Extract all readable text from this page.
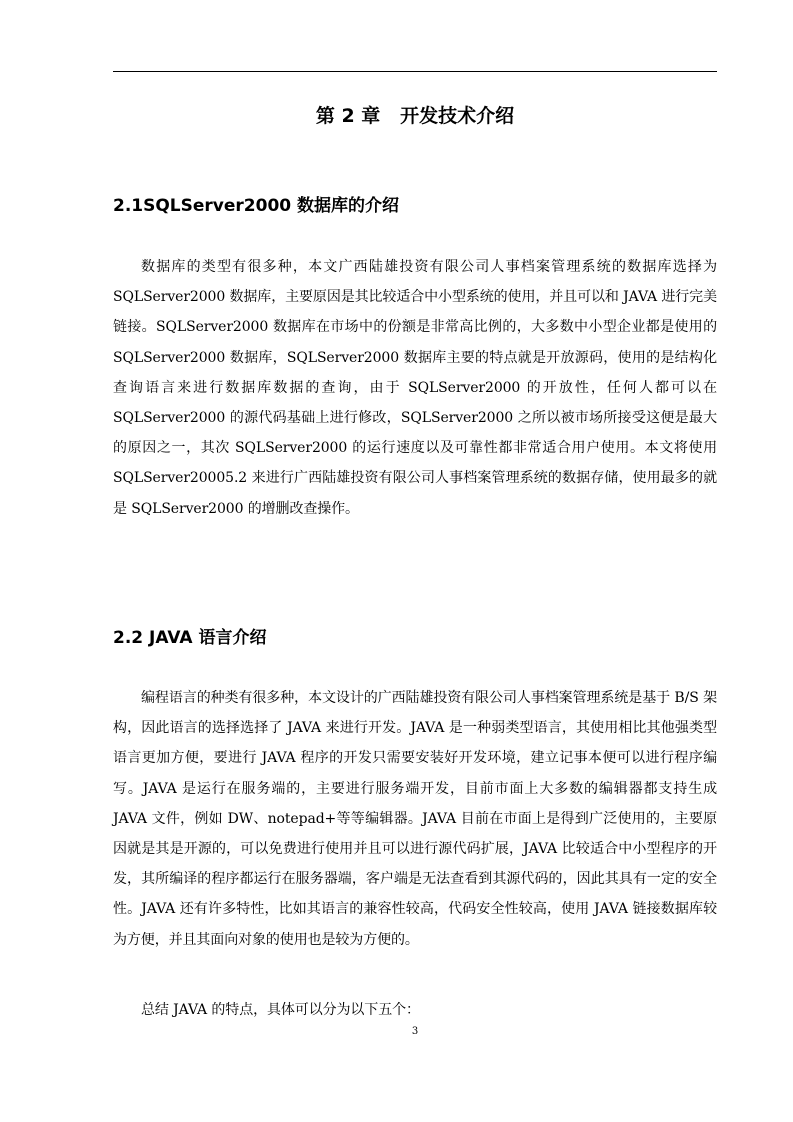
第 2 章   开发技术介绍
2.1SQLServer2000 数据库的介绍

数据库的类型有很多种，本文广西陆雄投资有限公司人事档案管理系统的数据库选择为 SQLServer2000 数据库，主要原因是其比较适合中小型系统的使用，并且可以和 JAVA 进行完美链接。SQLServer2000 数据库在市场中的份额是非常高比例的，大多数中小型企业都是使用的 SQLServer2000 数据库，SQLServer2000 数据库主要的特点就是开放源码，使用的是结构化查询语言来进行数据库数据的查询，由于 SQLServer2000 的开放性，任何人都可以在 SQLServer2000 的源代码基础上进行修改，SQLServer2000 之所以被市场所接受这便是最大的原因之一，其次 SQLServer2000 的运行速度以及可靠性都非常适合用户使用。本文将使用 SQLServer20005.2 来进行广西陆雄投资有限公司人事档案管理系统的数据存储，使用最多的就是 SQLServer2000 的增删改查操作。

2.2 JAVA 语言介绍

编程语言的种类有很多种，本文设计的广西陆雄投资有限公司人事档案管理系统是基于 B/S 架构，因此语言的选择选择了 JAVA 来进行开发。JAVA 是一种弱类型语言，其使用相比其他强类型语言更加方便，要进行 JAVA 程序的开发只需要安装好开发环境，建立记事本便可以进行程序编写。JAVA 是运行在服务端的，主要进行服务端开发，目前市面上大多数的编辑器都支持生成 JAVA 文件，例如 DW、notepad+等等编辑器。JAVA 目前在市面上是得到广泛使用的，主要原因就是其是开源的，可以免费进行使用并且可以进行源代码扩展，JAVA 比较适合中小型程序的开发，其所编译的程序都运行在服务器端，客户端是无法查看到其源代码的，因此其具有一定的安全性。JAVA 还有许多特性，比如其语言的兼容性较高，代码安全性较高，使用 JAVA 链接数据库较为方便，并且其面向对象的使用也是较为方便的。

总结 JAVA 的特点，具体可以分为以下五个：

3
